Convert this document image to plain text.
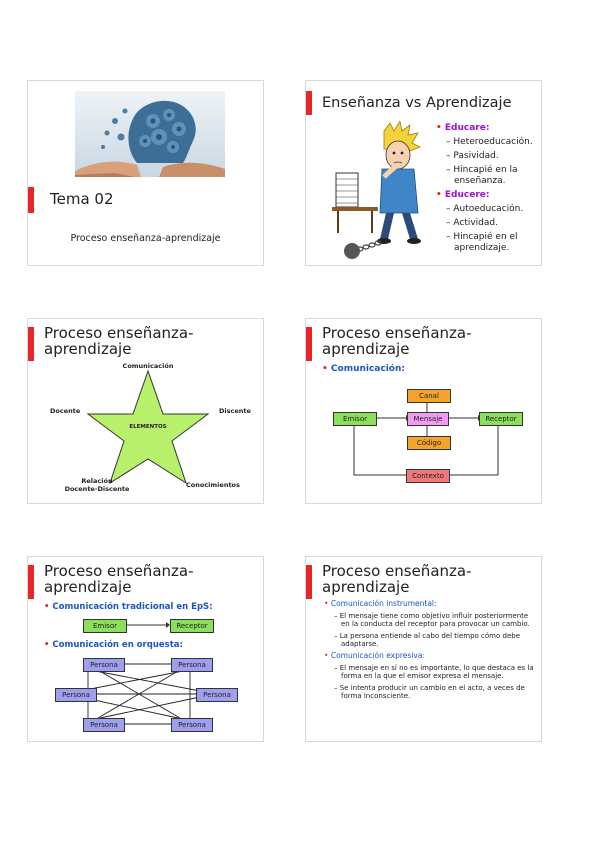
Tema 02
Proceso enseñanza-aprendizaje
Enseñanza vs Aprendizaje
• Educare:
– Heteroeducación.
– Pasividad.
– Hincapié en la enseñanza.
• Educere:
– Autoeducación.
– Actividad.
– Hincapié en el aprendizaje.
Proceso enseñanza-
aprendizaje
ELEMENTOS
Comunicación
Docente	Discente
Relación
Docente-Discente	Conocimientos
Proceso enseñanza-
aprendizaje
• Comunicación:
Canal
Emisor	Mensaje	Receptor
Código
Contexto
Proceso enseñanza-
aprendizaje
• Comunicación tradicional en EpS:
Emisor	Receptor
• Comunicación en orquesta:
Persona	Persona
Persona	Persona
Persona	Persona
Proceso enseñanza-
aprendizaje
• Comunicación instrumental:
– El mensaje tiene como objetivo influir posteriormente en la conducta del receptor para provocar un cambio.
– La persona entiende al cabo del tiempo cómo debe adaptarse.
• Comunicación expresiva:
– El mensaje en sí no es importante, lo que destaca es la forma en la que el emisor expresa el mensaje.
– Se intenta producir un cambio en el acto, a veces de forma inconsciente.
